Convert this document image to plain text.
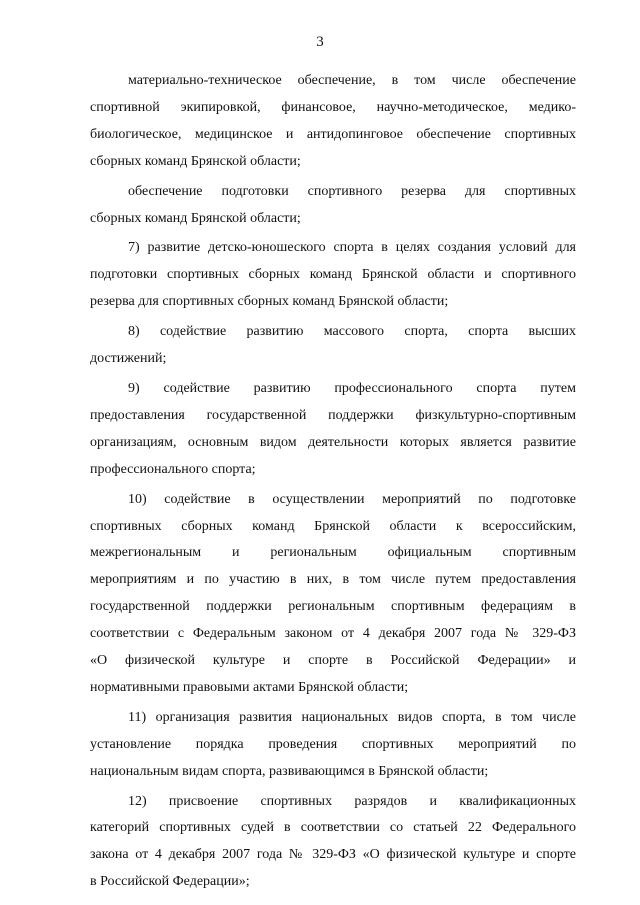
3
материально-техническое обеспечение, в том числе обеспечение
спортивной экипировкой, финансовое, научно-методическое, медико-
биологическое, медицинское и антидопинговое обеспечение спортивных
сборных команд Брянской области;
обеспечение подготовки спортивного резерва для спортивных
сборных команд Брянской области;
7) развитие детско-юношеского спорта в целях создания условий для
подготовки спортивных сборных команд Брянской области и спортивного
резерва для спортивных сборных команд Брянской области;
8) содействие развитию массового спорта, спорта высших
достижений;
9) содействие развитию профессионального спорта путем
предоставления государственной поддержки физкультурно-спортивным
организациям, основным видом деятельности которых является развитие
профессионального спорта;
10) содействие в осуществлении мероприятий по подготовке
спортивных сборных команд Брянской области к всероссийским,
межрегиональным и региональным официальным спортивным
мероприятиям и по участию в них, в том числе путем предоставления
государственной поддержки региональным спортивным федерациям в
соответствии с Федеральным законом от 4 декабря 2007 года № 329-ФЗ
«О физической культуре и спорте в Российской Федерации» и
нормативными правовыми актами Брянской области;
11) организация развития национальных видов спорта, в том числе
установление порядка проведения спортивных мероприятий по
национальным видам спорта, развивающимся в Брянской области;
12) присвоение спортивных разрядов и квалификационных
категорий спортивных судей в соответствии со статьей 22 Федерального
закона от 4 декабря 2007 года № 329-ФЗ «О физической культуре и спорте
в Российской Федерации»;
